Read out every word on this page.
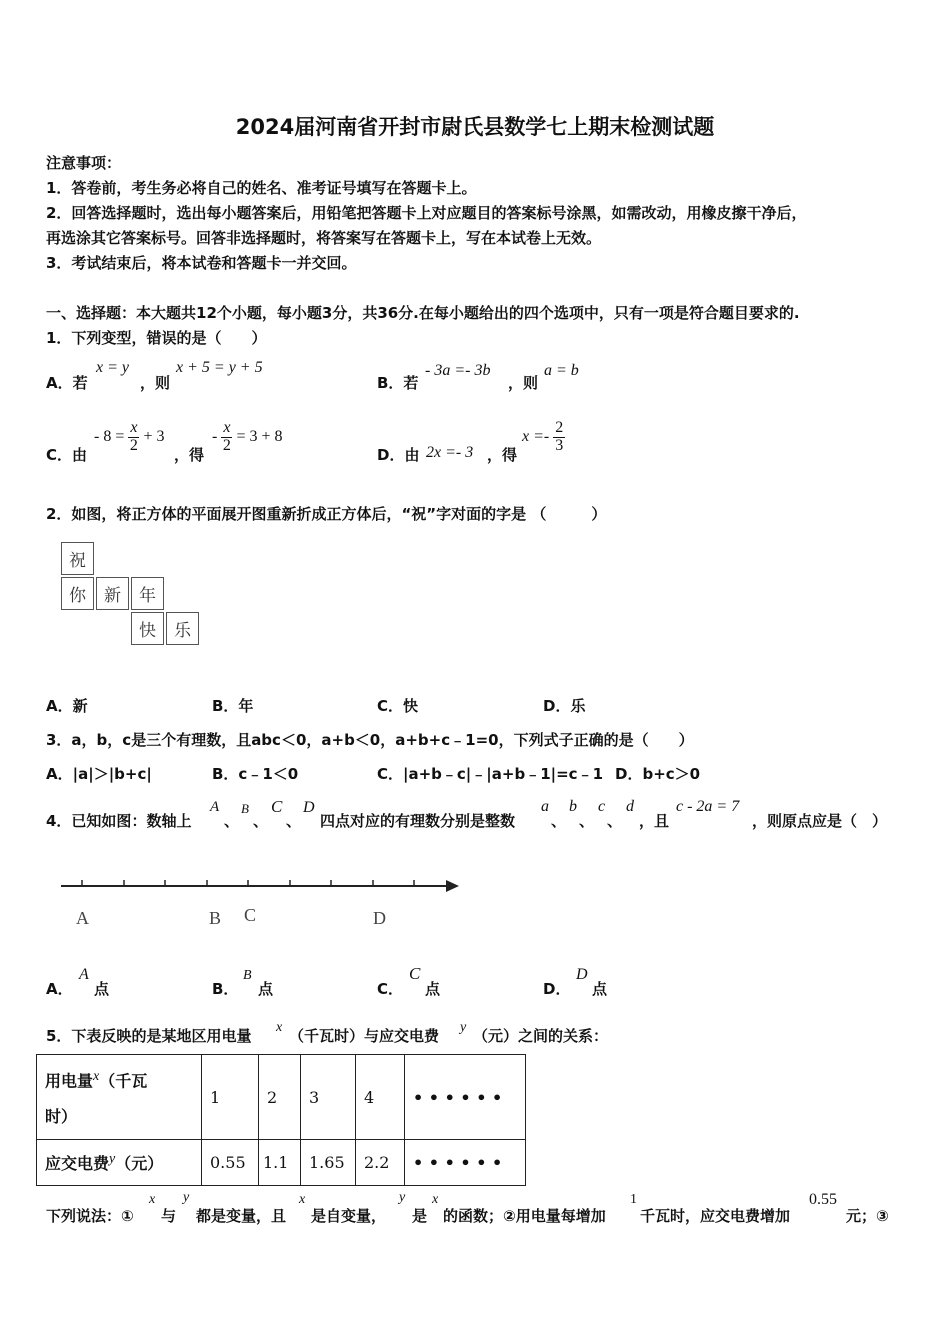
2024届河南省开封市尉氏县数学七上期末检测试题
注意事项：
1．答卷前，考生务必将自己的姓名、准考证号填写在答题卡上。
2．回答选择题时，选出每小题答案后，用铅笔把答题卡上对应题目的答案标号涂黑，如需改动，用橡皮擦干净后，
再选涂其它答案标号。回答非选择题时，将答案写在答题卡上，写在本试卷上无效。
3．考试结束后，将本试卷和答题卡一并交回。
一、选择题：本大题共12个小题，每小题3分，共36分.在每小题给出的四个选项中，只有一项是符合题目要求的.
1．下列变型，错误的是（　　）
A．若
x = y
，则
x + 5 = y + 5
B．若
- 3a =- 3b
，则
a = b
C．由
- $8 = \frac{x}{2} + 3$
，得
- $\frac{x}{2} = 3 + 8$
D．由 2x =- 3 ，得
$x =- \frac{2}{3}$
2．如图，将正方体的平面展开图重新折成正方体后，“祝”字对面的字是 （　　　）
祝
你	新	年
快	乐
A．新	B．年	C．快	D．乐
3．a，b，c是三个有理数，且abc＜0，a+b＜0，a+b+c﹣1=0，下列式子正确的是（　　）
A．|a|＞|b+c|	B．c﹣1＜0	C．|a+b﹣c|﹣|a+b﹣1|=c﹣1 D．b+c＞0
4．已知如图：数轴上
A
、
B
、
C
、
D
四点对应的有理数分别是整数
a
、
b
、
c
、
d
，且
c - 2a = 7
，则原点应是（　）
A	B C	D
A．
A
点	B．
B
点	C．
C
点	D．
D
点
5．下表反映的是某地区用电量 x （千瓦时）与应交电费 y （元）之间的关系：
用电量x（千瓦
时）	1	2	3	4	• • • • • •
应交电费y（元）	0.55	1.1	1.65	2.2	• • • • • •
下列说法：①
x
与
y
都是变量，且
x
是自变量，
y
是
x
的函数；②用电量每增加
1
千瓦时，应交电费增加
0.55
元；③
